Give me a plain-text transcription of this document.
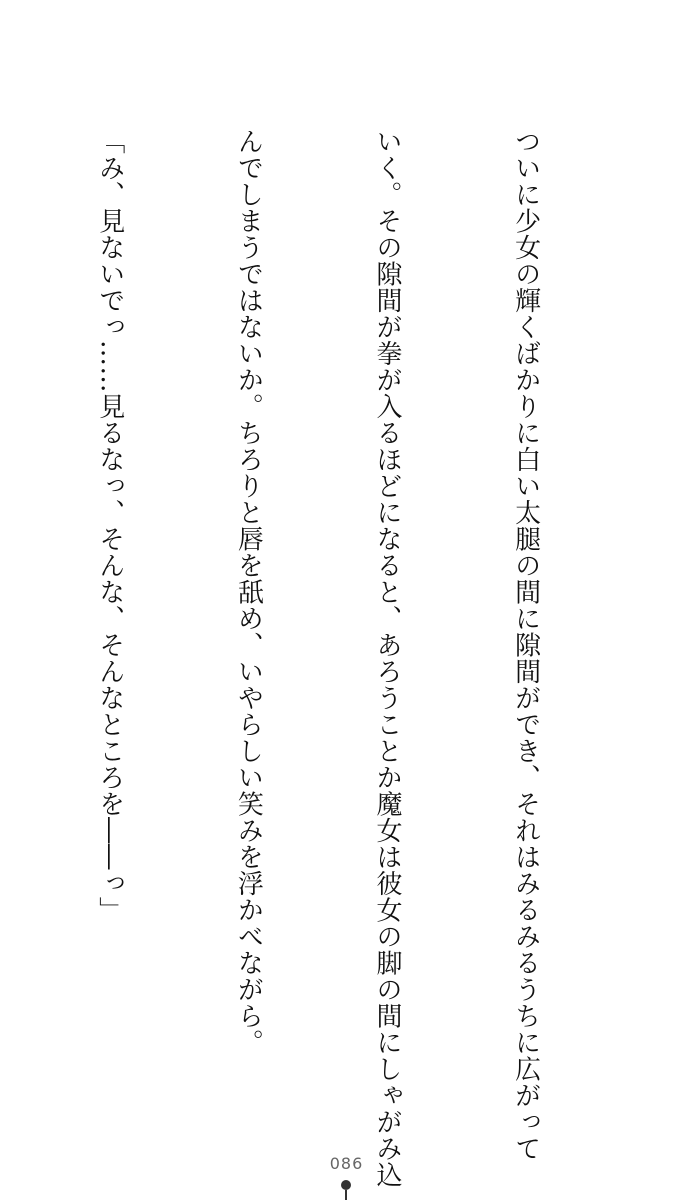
ついに少女の輝くばかりに白い太腿の間に隙間ができ、それはみるみるうちに広がって

いく。その隙間が拳が入るほどになると、あろうことか魔女は彼女の脚の間にしゃがみ込

んでしまうではないか。ちろりと唇を舐め、いやらしい笑みを浮かべながら。

「み、見ないでっ……見るなっ、そんな、そんなところを――っ」

086
